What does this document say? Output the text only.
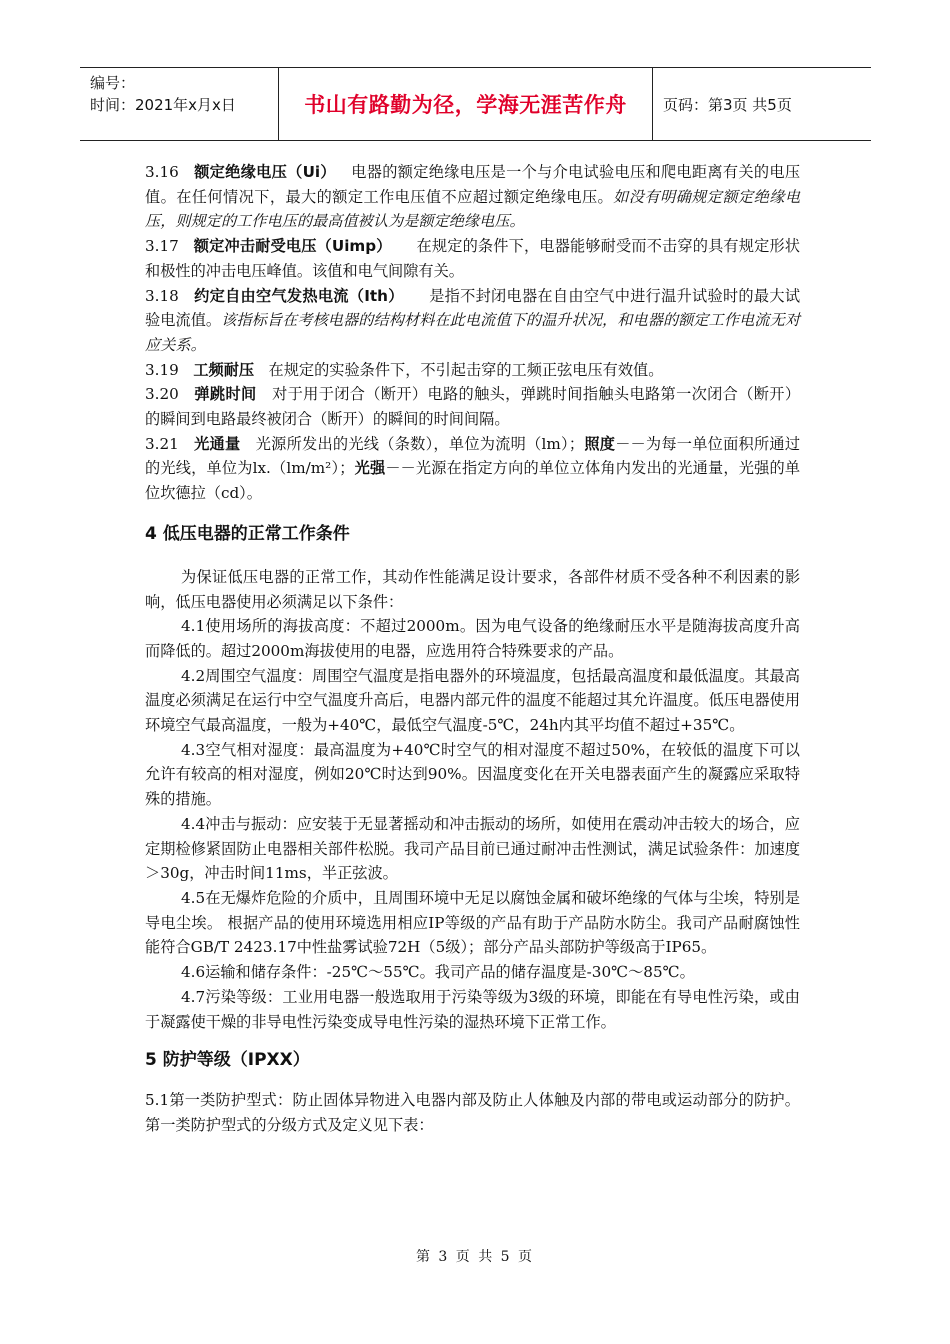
编号：
时间：2021年x月x日	书山有路勤为径，学海无涯苦作舟	页码：第3页 共5页

3.16 额定绝缘电压（Ui） 电器的额定绝缘电压是一个与介电试验电压和爬电距离有关的电压值。在任何情况下，最大的额定工作电压值不应超过额定绝缘电压。如没有明确规定额定绝缘电压，则规定的工作电压的最高值被认为是额定绝缘电压。

3.17 额定冲击耐受电压（Uimp） 在规定的条件下，电器能够耐受而不击穿的具有规定形状和极性的冲击电压峰值。该值和电气间隙有关。

3.18 约定自由空气发热电流（Ith） 是指不封闭电器在自由空气中进行温升试验时的最大试验电流值。该指标旨在考核电器的结构材料在此电流值下的温升状况，和电器的额定工作电流无对应关系。

3.19 工频耐压 在规定的实验条件下，不引起击穿的工频正弦电压有效值。

3.20 弹跳时间 对于用于闭合（断开）电路的触头，弹跳时间指触头电路第一次闭合（断开）的瞬间到电路最终被闭合（断开）的瞬间的时间间隔。

3.21 光通量 光源所发出的光线（条数），单位为流明（lm）；照度－－为每一单位面积所通过的光线，单位为lx.（lm/m²）；光强－－光源在指定方向的单位立体角内发出的光通量，光强的单位坎德拉（cd）。

4 低压电器的正常工作条件

为保证低压电器的正常工作，其动作性能满足设计要求，各部件材质不受各种不利因素的影响，低压电器使用必须满足以下条件：

4.1使用场所的海拔高度：不超过2000m。因为电气设备的绝缘耐压水平是随海拔高度升高而降低的。超过2000m海拔使用的电器，应选用符合特殊要求的产品。

4.2周围空气温度：周围空气温度是指电器外的环境温度，包括最高温度和最低温度。其最高温度必须满足在运行中空气温度升高后，电器内部元件的温度不能超过其允许温度。低压电器使用环境空气最高温度，一般为+40℃，最低空气温度-5℃，24h内其平均值不超过+35℃。

4.3空气相对湿度：最高温度为+40℃时空气的相对湿度不超过50%，在较低的温度下可以允许有较高的相对湿度，例如20℃时达到90%。因温度变化在开关电器表面产生的凝露应采取特殊的措施。

4.4冲击与振动：应安装于无显著摇动和冲击振动的场所，如使用在震动冲击较大的场合，应定期检修紧固防止电器相关部件松脱。我司产品目前已通过耐冲击性测试，满足试验条件：加速度＞30g，冲击时间11ms，半正弦波。

4.5在无爆炸危险的介质中，且周围环境中无足以腐蚀金属和破坏绝缘的气体与尘埃，特别是导电尘埃。 根据产品的使用环境选用相应IP等级的产品有助于产品防水防尘。我司产品耐腐蚀性能符合GB/T 2423.17中性盐雾试验72H（5级）；部分产品头部防护等级高于IP65。

4.6运输和储存条件：-25℃～55℃。我司产品的储存温度是-30℃～85℃。

4.7污染等级：工业用电器一般选取用于污染等级为3级的环境，即能在有导电性污染，或由于凝露使干燥的非导电性污染变成导电性污染的湿热环境下正常工作。

5 防护等级（IPXX）

5.1第一类防护型式：防止固体异物进入电器内部及防止人体触及内部的带电或运动部分的防护。第一类防护型式的分级方式及定义见下表：

第 3 页 共 5 页
